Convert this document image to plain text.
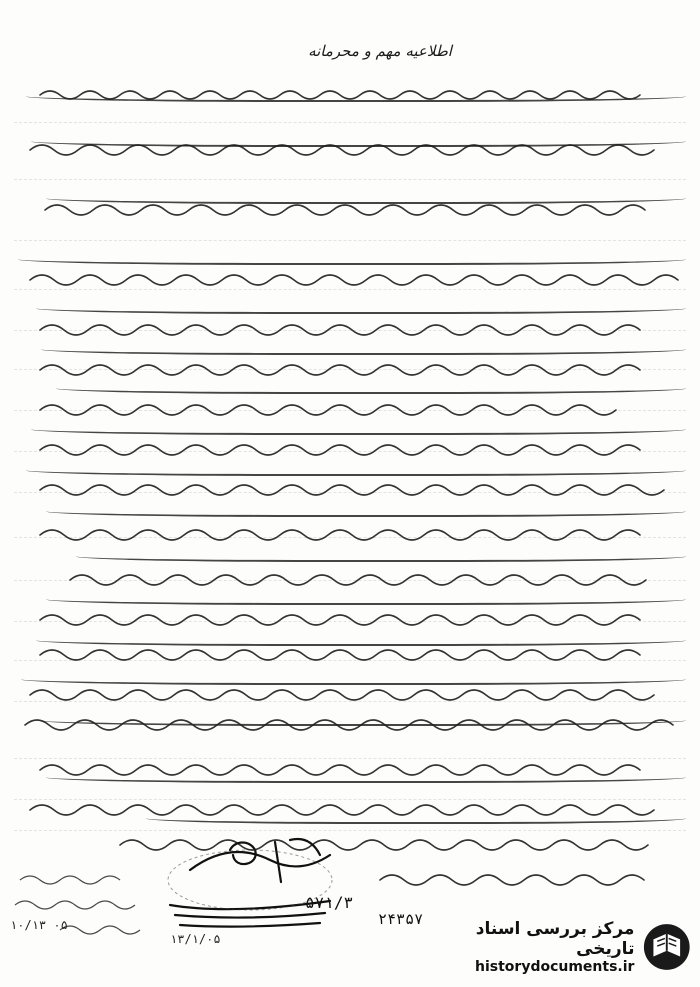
اطلاعیه مهم و محرمانه
۵۷۱/۳
۲۴۳۵۷
۱۰/۱۳ ۰۵
۱۳/۱/۰۵	مرکز بررسی اسناد تاریخی
historydocuments.ir
